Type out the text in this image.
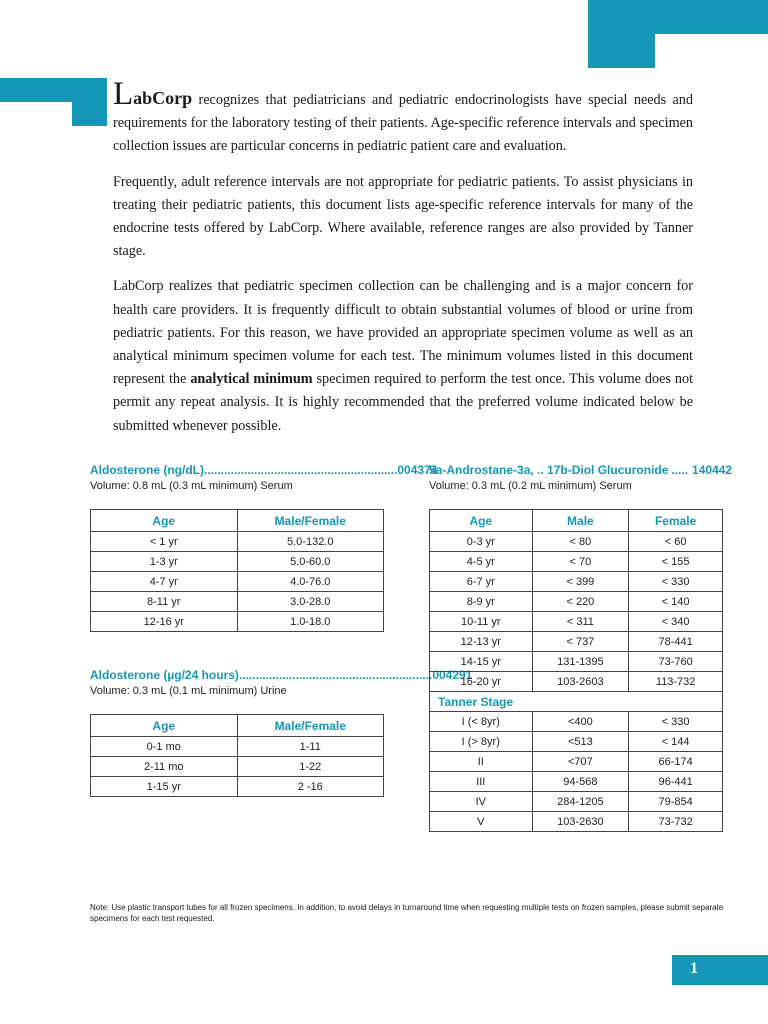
LabCorp recognizes that pediatricians and pediatric endocrinologists have special needs and requirements for the laboratory testing of their patients. Age-specific reference intervals and specimen collection issues are particular concerns in pediatric patient care and evaluation.

Frequently, adult reference intervals are not appropriate for pediatric patients. To assist physicians in treating their pediatric patients, this document lists age-specific reference intervals for many of the endocrine tests offered by LabCorp. Where available, reference ranges are also provided by Tanner stage.

LabCorp realizes that pediatric specimen collection can be challenging and is a major concern for health care providers. It is frequently difficult to obtain substantial volumes of blood or urine from pediatric patients. For this reason, we have provided an appropriate specimen volume as well as an analytical minimum specimen volume for each test. The minimum volumes listed in this document represent the analytical minimum specimen required to perform the test once. This volume does not permit any repeat analysis. It is highly recommended that the preferred volume indicated below be submitted whenever possible.

Aldosterone (ng/dL) .......................................................... 004374
Volume: 0.8 mL (0.3 mL minimum) Serum
Age	Male/Female
< 1 yr	5.0-132.0
1-3 yr	5.0-60.0
4-7 yr	4.0-76.0
8-11 yr	3.0-28.0
12-16 yr	1.0-18.0
Aldosterone (µg/24 hours) .......................................................... 004291
Volume: 0.3 mL (0.1 mL minimum) Urine
Age	Male/Female
0-1 mo	1-11
2-11 mo	1-22
1-15 yr	2 -16
5a-Androstane-3a, .. 17b-Diol Glucuronide ..... 140442
Volume: 0.3 mL (0.2 mL minimum) Serum
Age	Male	Female
0-3 yr	< 80	< 60
4-5 yr	< 70	< 155
6-7 yr	< 399	< 330
8-9 yr	< 220	< 140
10-11 yr	< 311	< 340
12-13 yr	< 737	78-441
14-15 yr	131-1395	73-760
16-20 yr	103-2603	113-732
Tanner Stage		
I (< 8yr)	<400	< 330
I (> 8yr)	<513	< 144
II	<707	66-174
III	94-568	96-441
IV	284-1205	79-854
V	103-2630	73-732
Note: Use plastic transport tubes for all frozen specimens. In addition, to avoid delays in turnaround time when requesting multiple tests on frozen samples, please submit separate specimens for each test requested.
1
